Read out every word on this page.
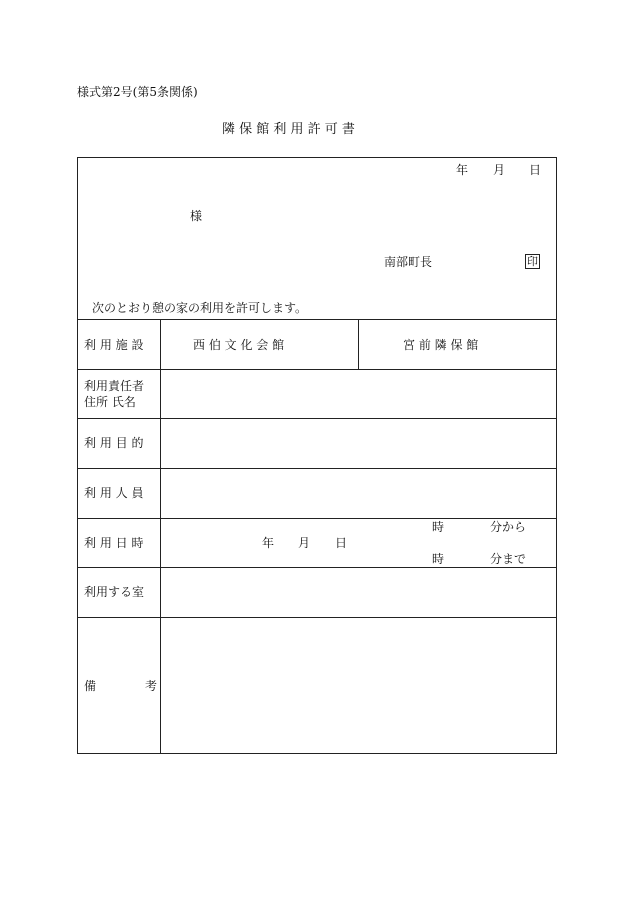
様式第2号(第5条関係)
隣 保 館 利 用 許 可 書
年 月 日
様
南部町長	印
次のとおり憩の家の利用を許可します。
利 用 施 設	西 伯 文 化 会 館	宮 前 隣 保 館
利用責任者
住所 氏名
利 用 目 的
利 用 人 員
利 用 日 時	年 月 日
時	分から
時	分まで
利用する室
備	考
